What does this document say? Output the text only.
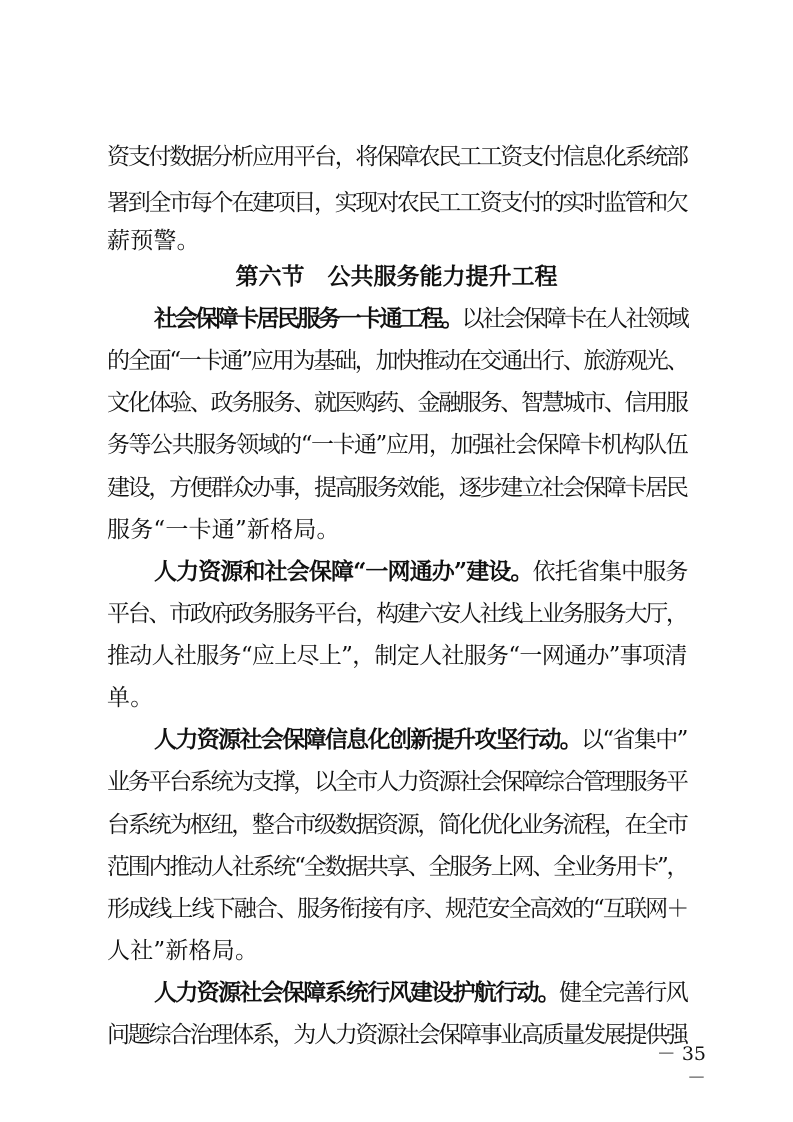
资支付数据分析应用平台，将保障农民工工资支付信息化系统部
署到全市每个在建项目，实现对农民工工资支付的实时监管和欠
薪预警。
第六节　公共服务能力提升工程
社会保障卡居民服务一卡通工程。以社会保障卡在人社领域
的全面“一卡通”应用为基础，加快推动在交通出行、旅游观光、
文化体验、政务服务、就医购药、金融服务、智慧城市、信用服
务等公共服务领域的“一卡通”应用，加强社会保障卡机构队伍
建设，方便群众办事，提高服务效能，逐步建立社会保障卡居民
服务“一卡通”新格局。
人力资源和社会保障“一网通办”建设。依托省集中服务
平台、市政府政务服务平台，构建六安人社线上业务服务大厅，
推动人社服务“应上尽上”，制定人社服务“一网通办”事项清
单。
人力资源社会保障信息化创新提升攻坚行动。以“省集中”
业务平台系统为支撑，以全市人力资源社会保障综合管理服务平
台系统为枢纽，整合市级数据资源，简化优化业务流程，在全市
范围内推动人社系统“全数据共享、全服务上网、全业务用卡”，
形成线上线下融合、服务衔接有序、规范安全高效的“互联网＋
人社”新格局。
人力资源社会保障系统行风建设护航行动。健全完善行风
问题综合治理体系，为人力资源社会保障事业高质量发展提供强
－ 35 －
